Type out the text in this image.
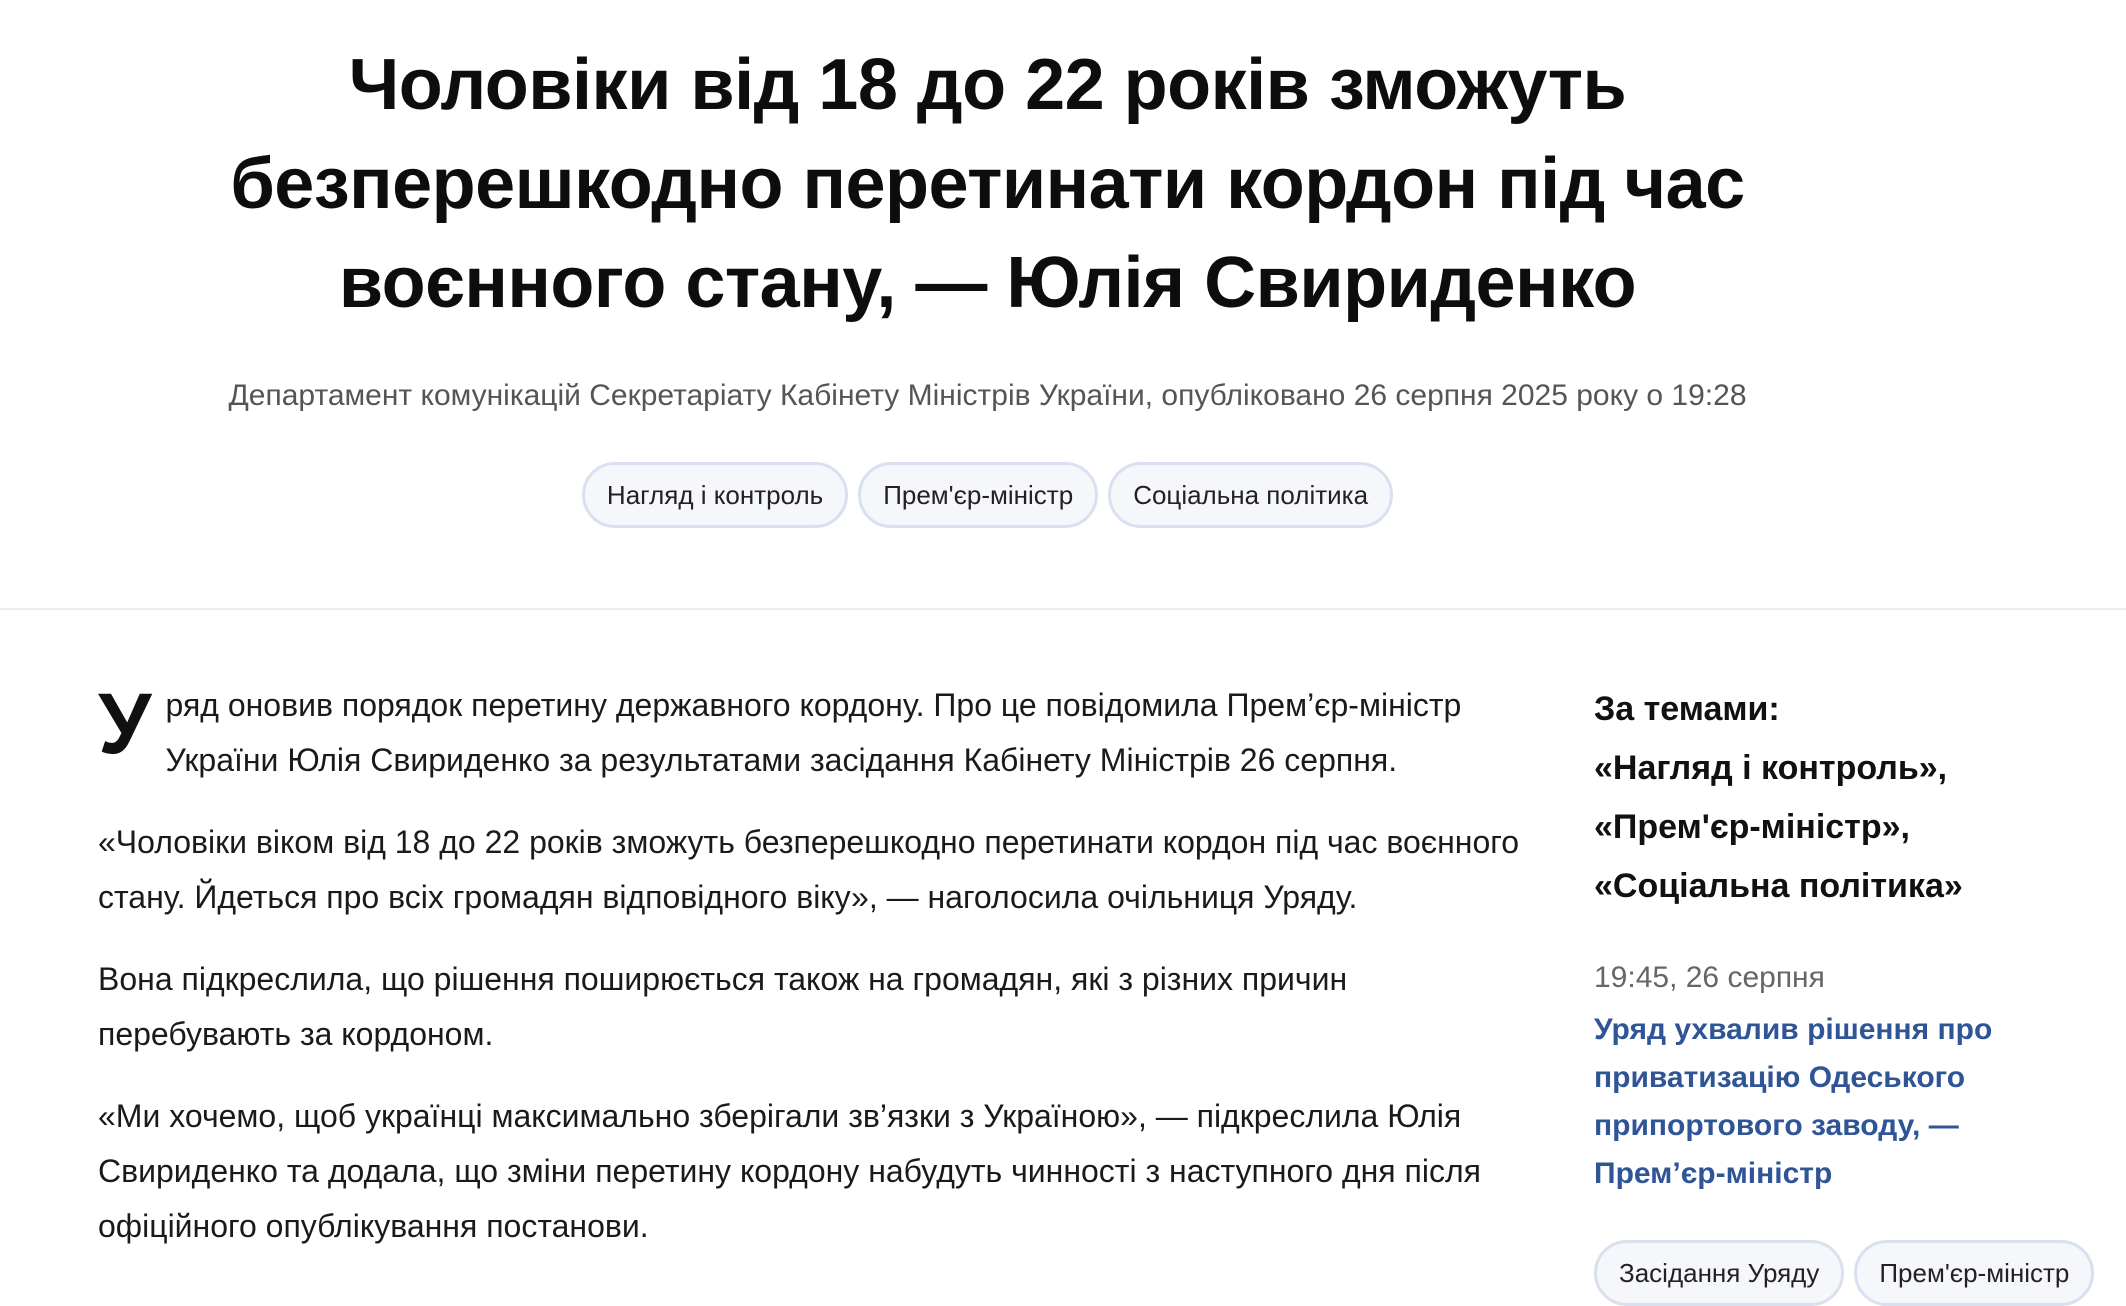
Чоловіки від 18 до 22 років зможуть безперешкодно перетинати кордон під час воєнного стану, — Юлія Свириденко
Департамент комунікацій Секретаріату Кабінету Міністрів України, опубліковано 26 серпня 2025 року о 19:28
Нагляд і контроль	Прем'єр-міністр	Соціальна політика

Уряд оновив порядок перетину державного кордону. Про це повідомила Прем’єр-міністр України Юлія Свириденко за результатами засідання Кабінету Міністрів 26 серпня.

«Чоловіки віком від 18 до 22 років зможуть безперешкодно перетинати кордон під час воєнного стану. Йдеться про всіх громадян відповідного віку», — наголосила очільниця Уряду.

Вона підкреслила, що рішення поширюється також на громадян, які з різних причин перебувають за кордоном.

«Ми хочемо, щоб українці максимально зберігали зв’язки з Україною», — підкреслила Юлія Свириденко та додала, що зміни перетину кордону набудуть чинності з наступного дня після офіційного опублікування постанови.

За темами:
«Нагляд і контроль»,
«Прем'єр-міністр»,
«Соціальна політика»
19:45, 26 серпня
Уряд ухвалив рішення про приватизацію Одеського припортового заводу, — Прем’єр-міністр
Засідання Уряду	Прем'єр-міністр
